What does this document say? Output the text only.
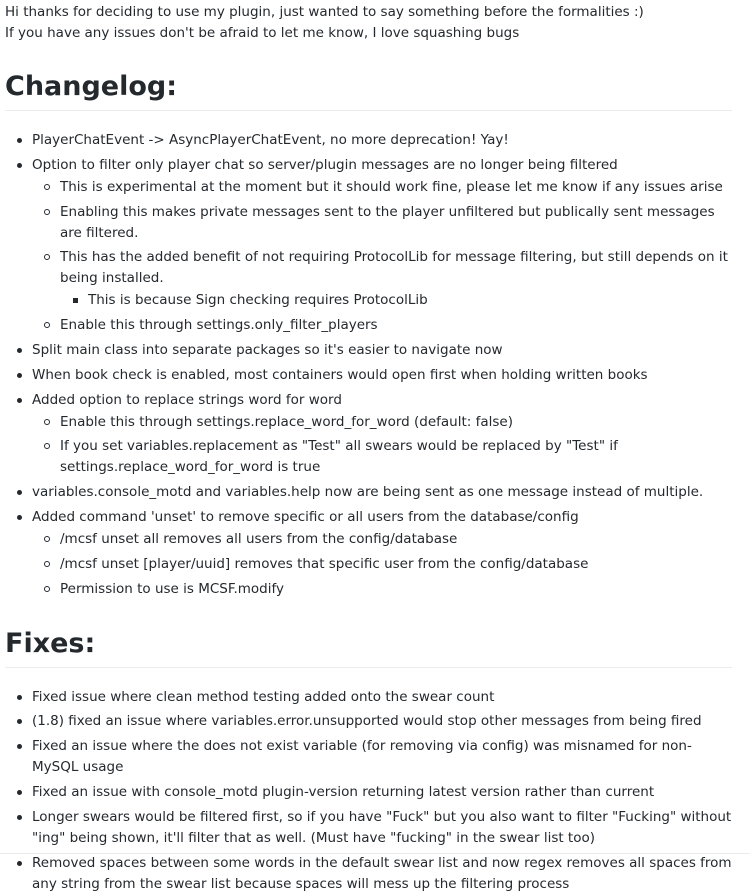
Hi thanks for deciding to use my plugin, just wanted to say something before the formalities :)
If you have any issues don't be afraid to let me know, I love squashing bugs
Changelog:
PlayerChatEvent -> AsyncPlayerChatEvent, no more deprecation! Yay!
Option to filter only player chat so server/plugin messages are no longer being filtered
This is experimental at the moment but it should work fine, please let me know if any issues arise
Enabling this makes private messages sent to the player unfiltered but publically sent messages are filtered.
This has the added benefit of not requiring ProtocolLib for message filtering, but still depends on it being installed.
This is because Sign checking requires ProtocolLib
Enable this through settings.only_filter_players
Split main class into separate packages so it's easier to navigate now
When book check is enabled, most containers would open first when holding written books
Added option to replace strings word for word
Enable this through settings.replace_word_for_word (default: false)
If you set variables.replacement as "Test" all swears would be replaced by "Test" if settings.replace_word_for_word is true
variables.console_motd and variables.help now are being sent as one message instead of multiple.
Added command 'unset' to remove specific or all users from the database/config
/mcsf unset all removes all users from the config/database
/mcsf unset [player/uuid] removes that specific user from the config/database
Permission to use is MCSF.modify
Fixes:
Fixed issue where clean method testing added onto the swear count
(1.8) fixed an issue where variables.error.unsupported would stop other messages from being fired
Fixed an issue where the does not exist variable (for removing via config) was misnamed for non-MySQL usage
Fixed an issue with console_motd plugin-version returning latest version rather than current
Longer swears would be filtered first, so if you have "Fuck" but you also want to filter "Fucking" without "ing" being shown, it'll filter that as well. (Must have "fucking" in the swear list too)
Removed spaces between some words in the default swear list and now regex removes all spaces from any string from the swear list because spaces will mess up the filtering process
